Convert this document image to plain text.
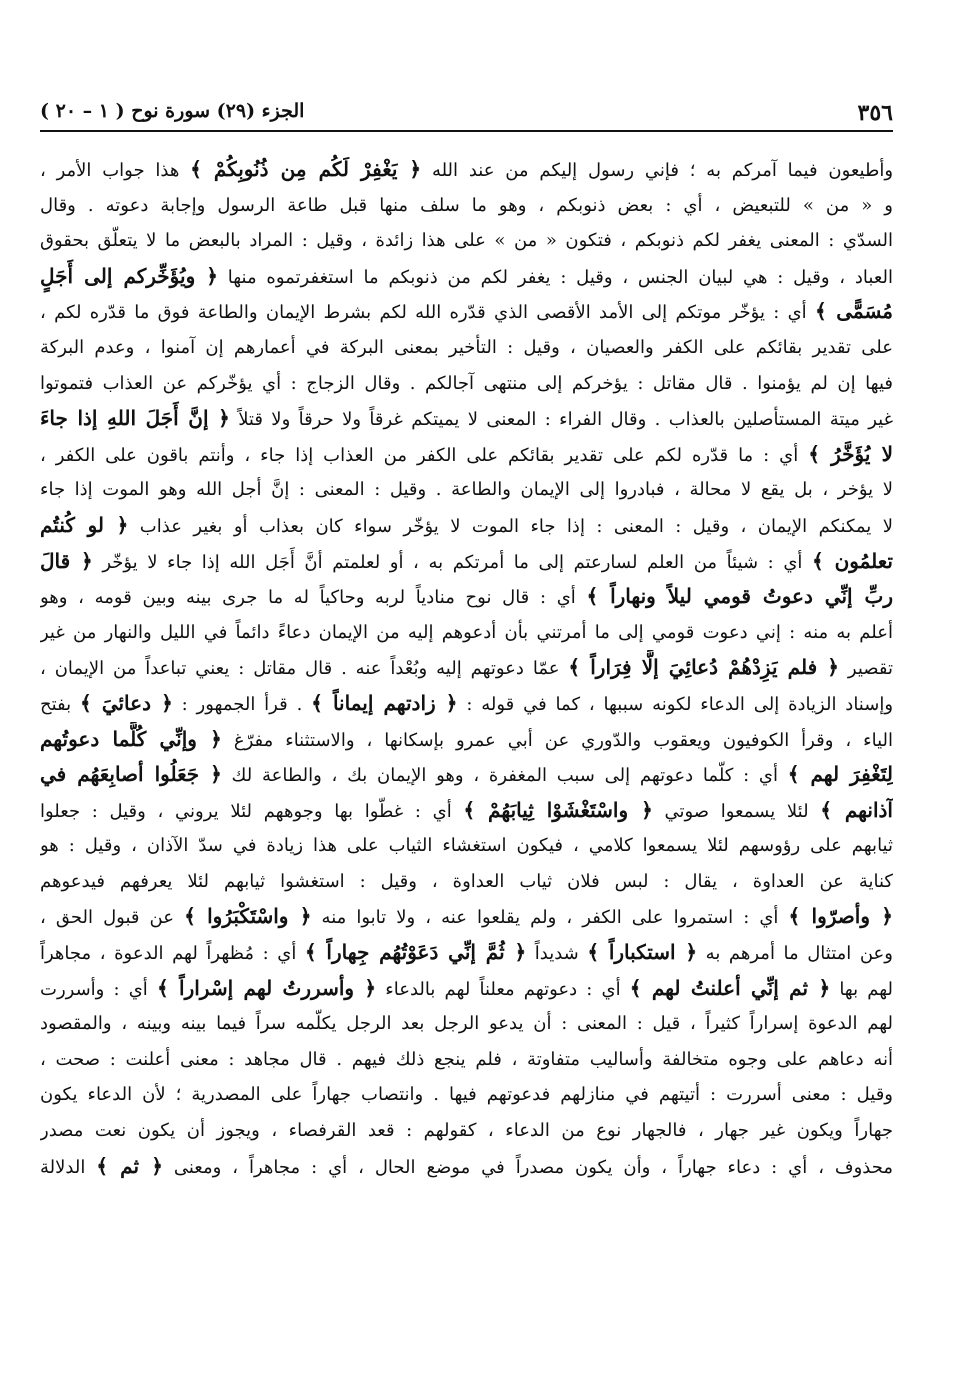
٣٥٦
الجزء (٢٩) سورة نوح ( ١ – ٢٠ )
وأطيعون فيما آمركم به ؛ فإني رسول إليكم من عند الله ﴿ يَغْفِرْ لَكُم مِن ذُنُوبِكُمْ ﴾ هذا جواب الأمر ،
و « من » للتبعيض ، أي : بعض ذنوبكم ، وهو ما سلف منها قبل طاعة الرسول وإجابة دعوته . وقال
السدّي : المعنى يغفر لكم ذنوبكم ، فتكون « من » على هذا زائدة ، وقيل : المراد بالبعض ما لا يتعلّق بحقوق
العباد ، وقيل : هي لبيان الجنس ، وقيل : يغفر لكم من ذنوبكم ما استغفرتموه منها ﴿ ويُؤَخِّركم إلى أَجَلٍ
مُسَمًّى ﴾ أي : يؤخّر موتكم إلى الأمد الأقصى الذي قدّره الله لكم بشرط الإيمان والطاعة فوق ما قدّره لكم ،
على تقدير بقائكم على الكفر والعصيان ، وقيل : التأخير بمعنى البركة في أعمارهم إن آمنوا ، وعدم البركة
فيها إن لم يؤمنوا . قال مقاتل : يؤخركم إلى منتهى آجالكم . وقال الزجاج : أي يؤخّركم عن العذاب فتموتوا
غير ميتة المستأصلين بالعذاب . وقال الفراء : المعنى لا يميتكم غرقاً ولا حرقاً ولا قتلاً ﴿ إنَّ أَجَلَ اللهِ إذا جاءَ
لا يُؤَخَّرُ ﴾ أي : ما قدّره لكم على تقدير بقائكم على الكفر من العذاب إذا جاء ، وأنتم باقون على الكفر ،
لا يؤخر ، بل يقع لا محالة ، فبادروا إلى الإيمان والطاعة . وقيل : المعنى : إنَّ أجل الله وهو الموت إذا جاء
لا يمكنكم الإيمان ، وقيل : المعنى : إذا جاء الموت لا يؤخّر سواء كان بعذاب أو بغير عذاب ﴿ لو كُنتُم
تعلمُون ﴾ أي : شيئاً من العلم لسارعتم إلى ما أمرتكم به ، أو لعلمتم أنَّ أَجَل الله إذا جاء لا يؤخّر ﴿ قالَ
ربِّ إنِّي دعوتُ قومي ليلاً ونهاراً ﴾ أي : قال نوح منادياً لربه وحاكياً له ما جرى بينه وبين قومه ، وهو
أعلم به منه : إني دعوت قومي إلى ما أمرتني بأن أدعوهم إليه من الإيمان دعاءً دائماً في الليل والنهار من غير
تقصير ﴿ فلم يَزِدْهُمْ دُعائِيَ إلَّا فِرَاراً ﴾ عمّا دعوتهم إليه وبُعْداً عنه . قال مقاتل : يعني تباعداً من الإيمان ،
وإسناد الزيادة إلى الدعاء لكونه سببها ، كما في قوله : ﴿ زادتهم إيماناً ﴾ . قرأ الجمهور : ﴿ دعائيَ ﴾ بفتح
الياء ، وقرأ الكوفيون ويعقوب والدّوري عن أبي عمرو بإسكانها ، والاستثناء مفرّغ ﴿ وإنِّي كُلَّما دعوتُهم
لِتَغْفِرَ لهم ﴾ أي : كلّما دعوتهم إلى سبب المغفرة ، وهو الإيمان بك ، والطاعة لك ﴿ جَعَلُوا أصابِعَهُم في
آذانهم ﴾ لئلا يسمعوا صوتي ﴿ واسْتَغْشَوْا ثِيابَهُمْ ﴾ أي : غطّوا بها وجوههم لئلا يروني ، وقيل : جعلوا
ثيابهم على رؤوسهم لئلا يسمعوا كلامي ، فيكون استغشاء الثياب على هذا زيادة في سدّ الآذان ، وقيل : هو
كناية عن العداوة ، يقال : لبس فلان ثياب العداوة ، وقيل : استغشوا ثيابهم لئلا يعرفهم فيدعوهم
﴿ وأصرّوا ﴾ أي : استمروا على الكفر ، ولم يقلعوا عنه ، ولا تابوا منه ﴿ واسْتَكْبَرُوا ﴾ عن قبول الحق ،
وعن امتثال ما أمرهم به ﴿ استكباراً ﴾ شديداً ﴿ ثُمَّ إنِّي دَعَوْتُهُم جِهاراً ﴾ أي : مُظهراً لهم الدعوة ، مجاهراً
لهم بها ﴿ ثم إنِّي أعلنتُ لهم ﴾ أي : دعوتهم معلناً لهم بالدعاء ﴿ وأسررتُ لهم إسْراراً ﴾ أي : وأسررت
لهم الدعوة إسراراً كثيراً ، قيل : المعنى : أن يدعو الرجل بعد الرجل يكلّمه سراً فيما بينه وبينه ، والمقصود
أنه دعاهم على وجوه متخالفة وأساليب متفاوتة ، فلم ينجع ذلك فيهم . قال مجاهد : معنى أعلنت : صحت ،
وقيل : معنى أسررت : أتيتهم في منازلهم فدعوتهم فيها . وانتصاب جهاراً على المصدرية ؛ لأن الدعاء يكون
جهاراً ويكون غير جهار ، فالجهار نوع من الدعاء ، كقولهم : قعد القرفصاء ، ويجوز أن يكون نعت مصدر
محذوف ، أي : دعاء جهاراً ، وأن يكون مصدراً في موضع الحال ، أي : مجاهراً ، ومعنى ﴿ ثم ﴾ الدلالة
